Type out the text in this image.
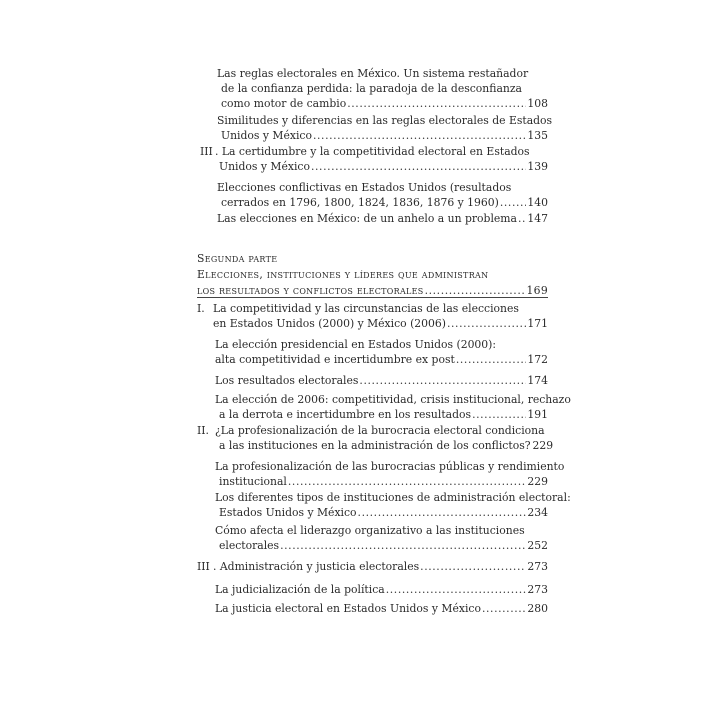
Las reglas electorales en México. Un sistema restañador
de la confianza perdida: la paradoja de la desconfianza
como motor de cambio .....	108
Similitudes y diferencias en las reglas electorales de Estados
Unidos y México .....	135
III . La certidumbre y la competitividad electoral en Estados
Unidos y México .....	139
Elecciones conflictivas en Estados Unidos (resultados
cerrados en 1796, 1800, 1824, 1836, 1876 y 1960) .....	140
Las elecciones en México: de un anhelo a un problema ..... 147
Segunda parte
Elecciones, instituciones y líderes que administran
los resultados y conflictos electorales .....	169
I. La competitividad y las circunstancias de las elecciones
en Estados Unidos (2000) y México (2006) .....	171
La elección presidencial en Estados Unidos (2000):
alta competitividad e incertidumbre ex post .....	172
Los resultados electorales .....	174
La elección de 2006: competitividad, crisis institucional, rechazo
a la derrota e incertidumbre en los resultados .....	191
II. ¿La profesionalización de la burocracia electoral condiciona
a las instituciones en la administración de los conflictos? 229
La profesionalización de las burocracias públicas y rendimiento
institucional .....	229
Los diferentes tipos de instituciones de administración electoral:
Estados Unidos y México .....	234
Cómo afecta el liderazgo organizativo a las instituciones
electorales .....	252
III . Administración y justicia electorales .....	273
La judicialización de la política .....	273
La justicia electoral en Estados Unidos y México .....	280
